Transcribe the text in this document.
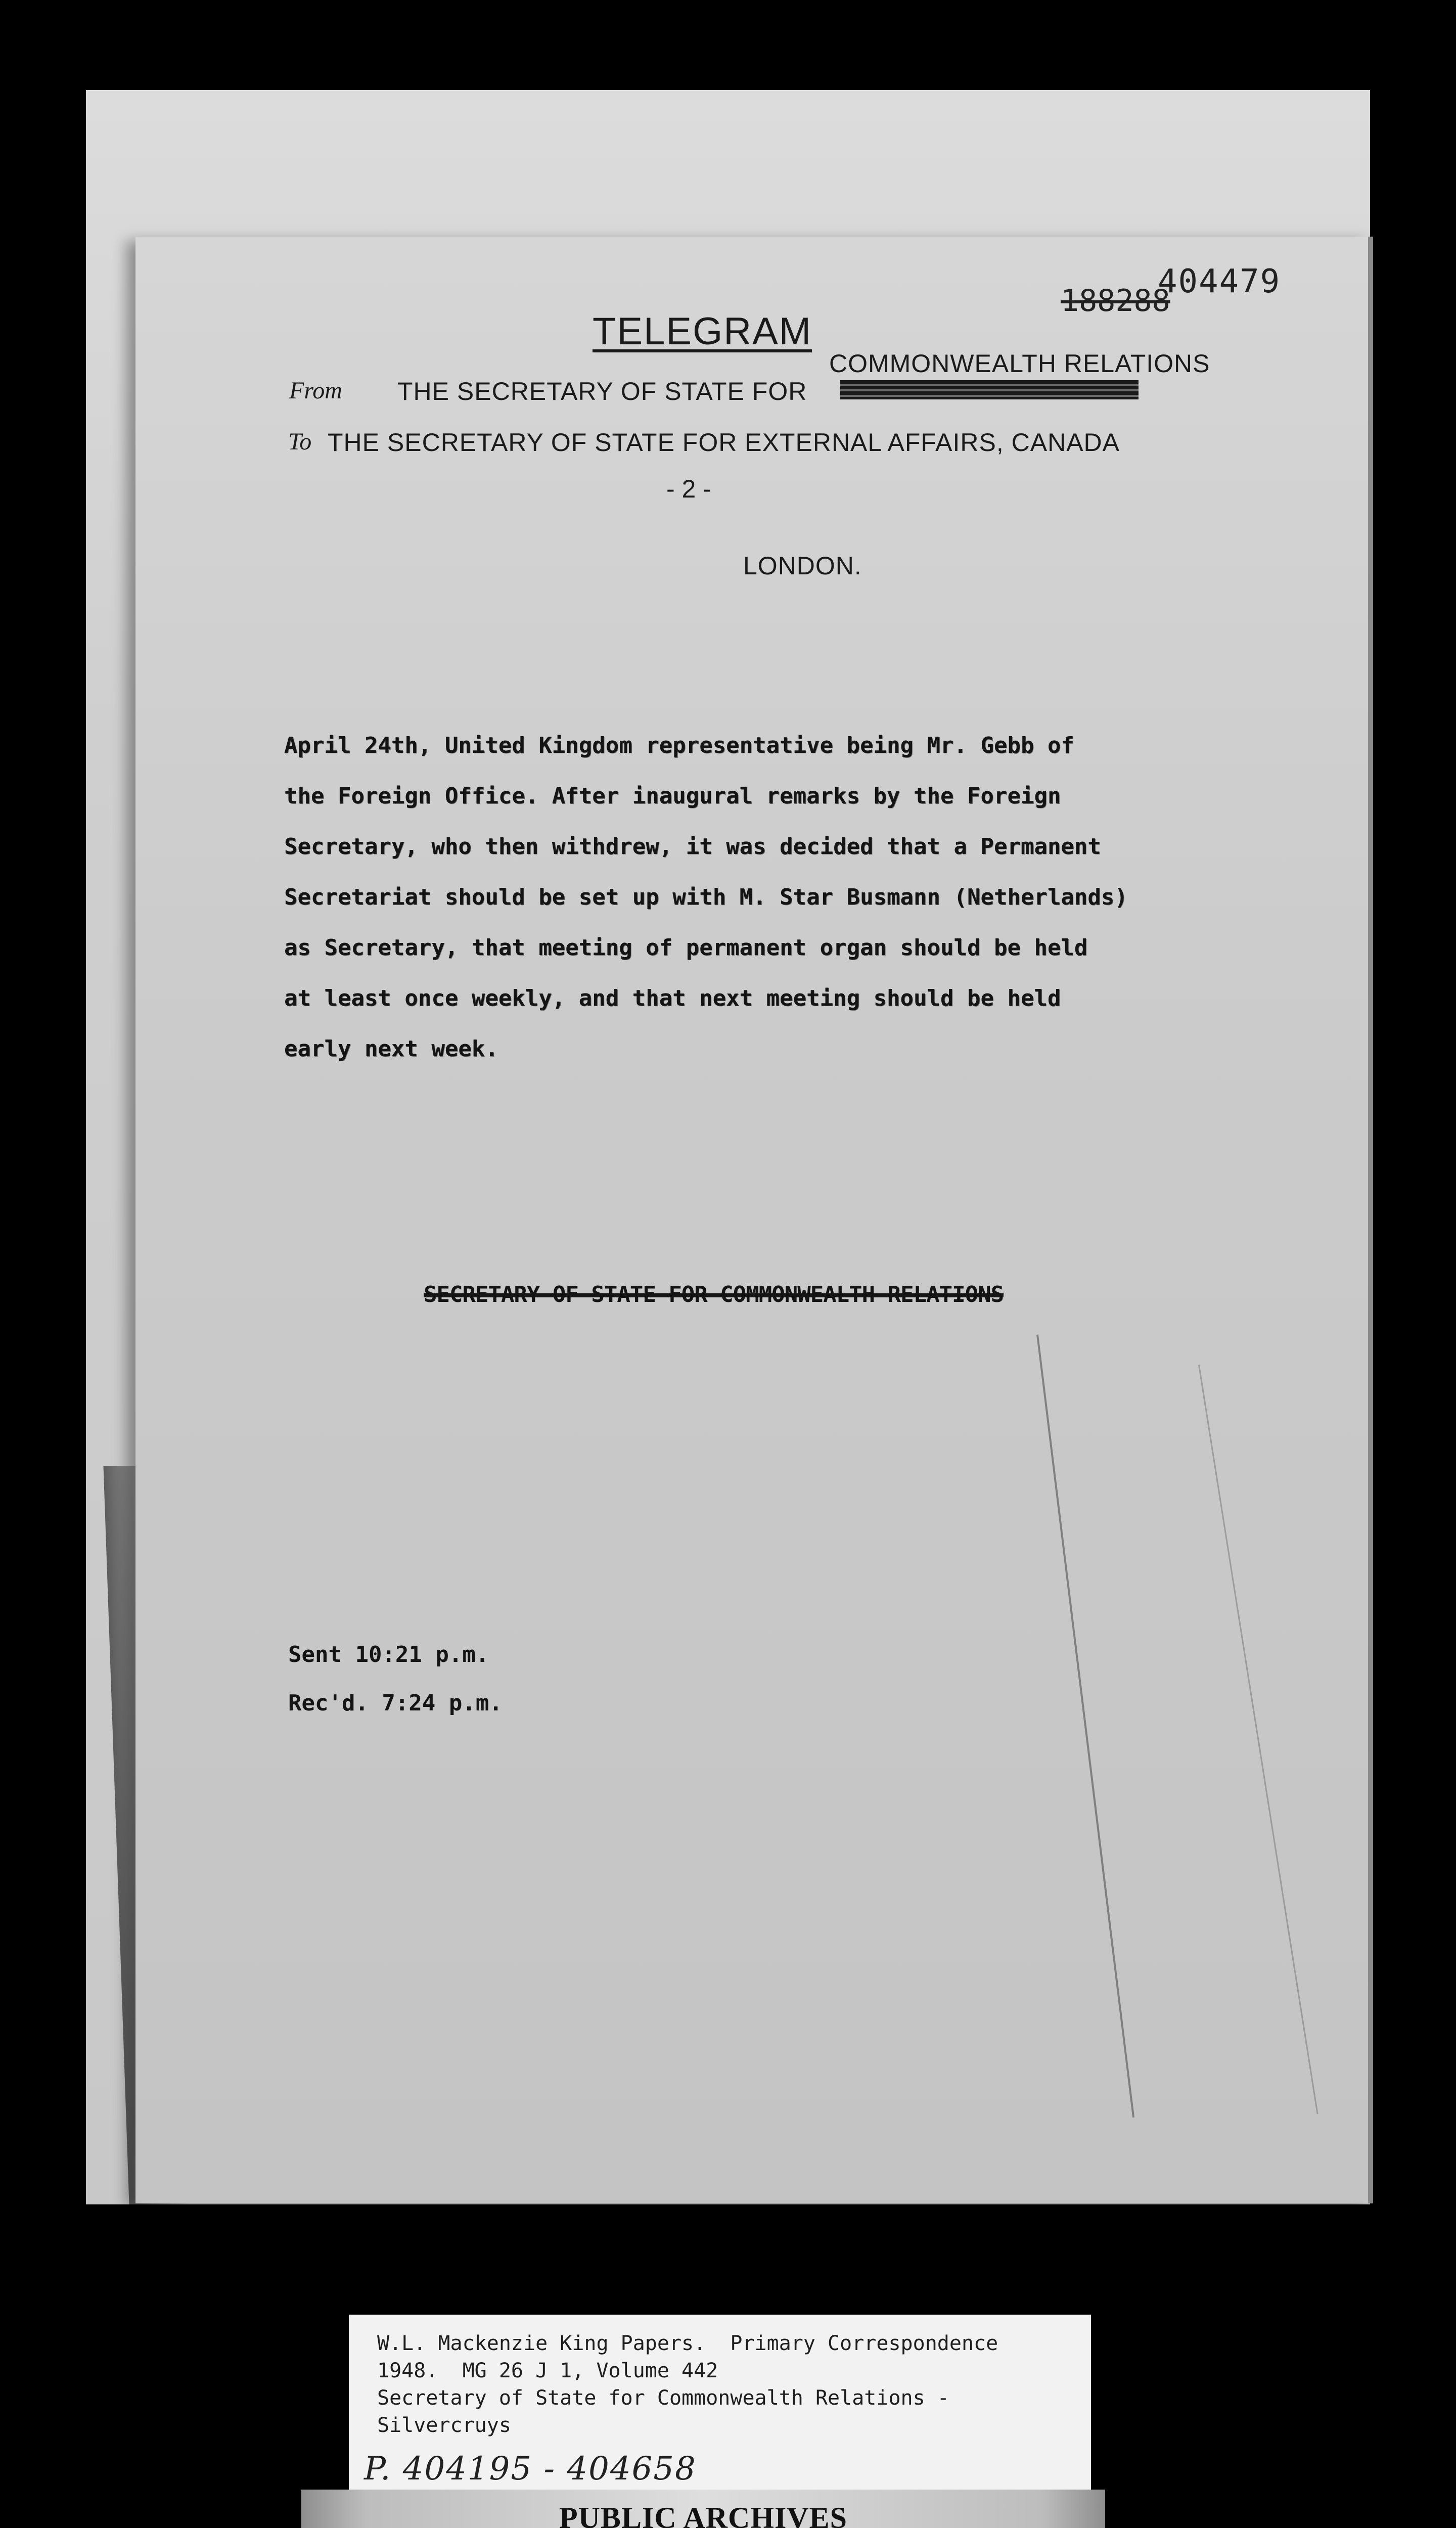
188288
404479
TELEGRAM
COMMONWEALTH RELATIONS
From THE SECRETARY OF STATE FOR
To THE SECRETARY OF STATE FOR EXTERNAL AFFAIRS, CANADA
- 2 -
LONDON.
April 24th, United Kingdom representative being Mr. Gebb of
the Foreign Office. After inaugural remarks by the Foreign
Secretary, who then withdrew, it was decided that a Permanent
Secretariat should be set up with M. Star Busmann (Netherlands)
as Secretary, that meeting of permanent organ should be held
at least once weekly, and that next meeting should be held
early next week.
SECRETARY OF STATE FOR COMMONWEALTH RELATIONS
Sent 10:21 p.m.
Rec'd. 7:24 p.m.
W.L. Mackenzie King Papers.  Primary Correspondence
1948.  MG 26 J 1, Volume 442
Secretary of State for Commonwealth Relations -
Silvercruys
P. 404195 - 404658
PUBLIC ARCHIVES
